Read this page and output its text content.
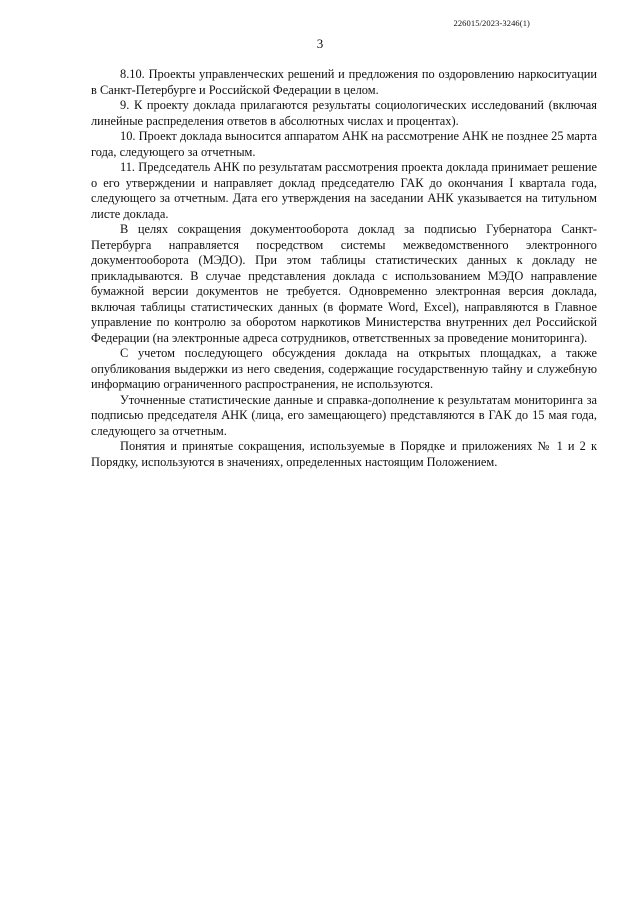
226015/2023-3246(1)
3

8.10. Проекты управленческих решений и предложения по оздоровлению наркоситуации в Санкт-Петербурге и Российской Федерации в целом.

9. К проекту доклада прилагаются результаты социологических исследований (включая линейные распределения ответов в абсолютных числах и процентах).

10. Проект доклада выносится аппаратом АНК на рассмотрение АНК не позднее 25 марта года, следующего за отчетным.

11. Председатель АНК по результатам рассмотрения проекта доклада принимает решение о его утверждении и направляет доклад председателю ГАК до окончания I квартала года, следующего за отчетным. Дата его утверждения на заседании АНК указывается на титульном листе доклада.

В целях сокращения документооборота доклад за подписью Губернатора Санкт-Петербурга направляется посредством системы межведомственного электронного документооборота (МЭДО). При этом таблицы статистических данных к докладу не прикладываются. В случае представления доклада с использованием МЭДО направление бумажной версии документов не требуется. Одновременно электронная версия доклада, включая таблицы статистических данных (в формате Word, Excel), направляются в Главное управление по контролю за оборотом наркотиков Министерства внутренних дел Российской Федерации (на электронные адреса сотрудников, ответственных за проведение мониторинга).

С учетом последующего обсуждения доклада на открытых площадках, а также опубликования выдержки из него сведения, содержащие государственную тайну и служебную информацию ограниченного распространения, не используются.

Уточненные статистические данные и справка-дополнение к результатам мониторинга за подписью председателя АНК (лица, его замещающего) представляются в ГАК до 15 мая года, следующего за отчетным.

Понятия и принятые сокращения, используемые в Порядке и приложениях № 1 и 2 к Порядку, используются в значениях, определенных настоящим Положением.
